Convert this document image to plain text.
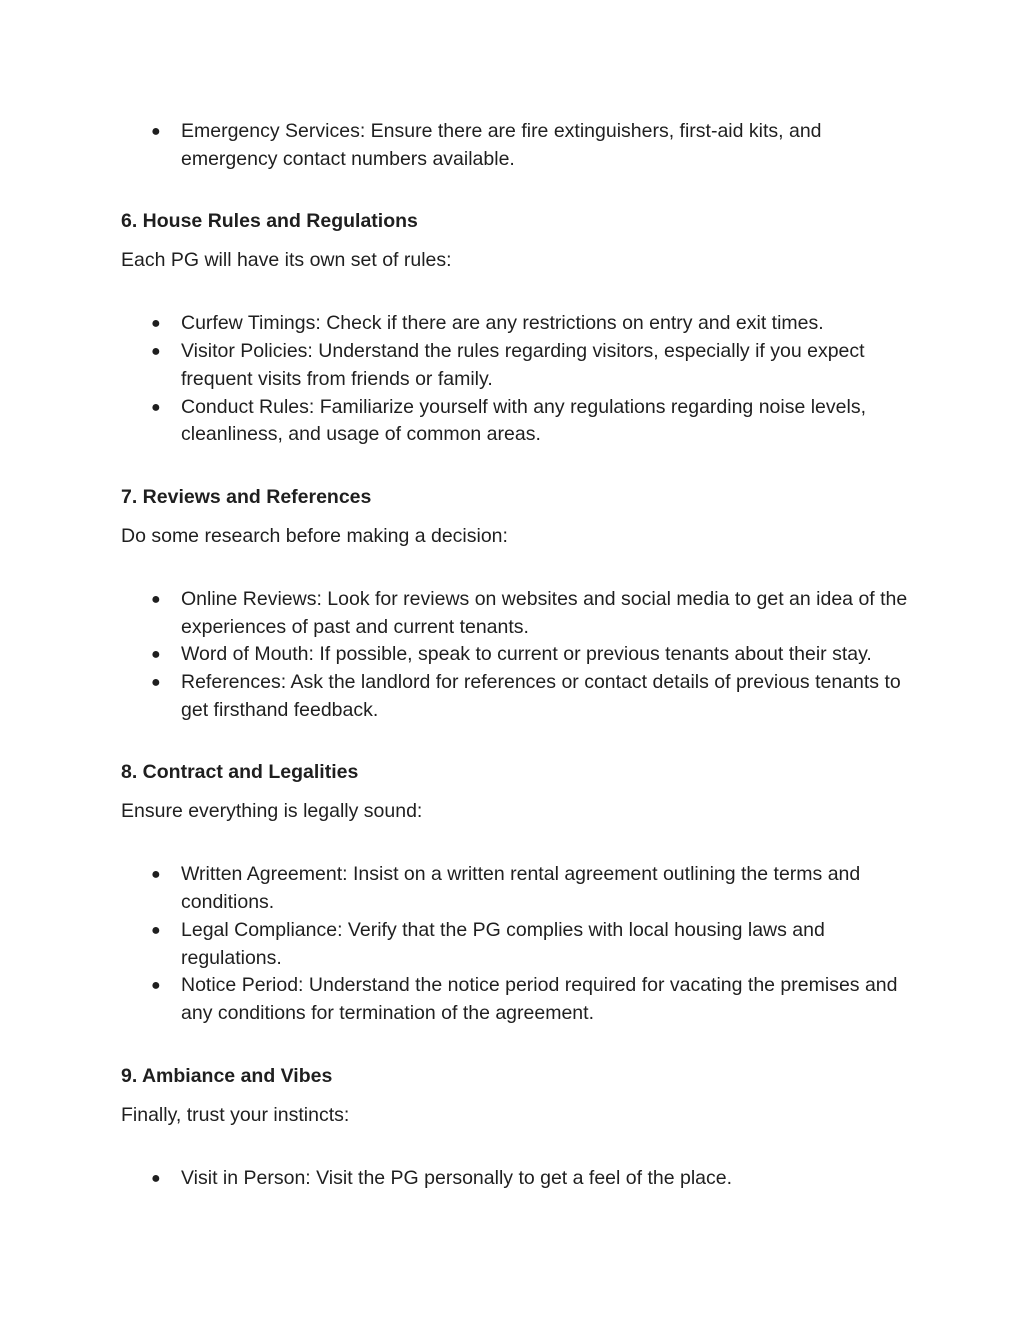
● Emergency Services: Ensure there are fire extinguishers, first-aid kits, and emergency contact numbers available.
6. House Rules and Regulations

Each PG will have its own set of rules:

● Curfew Timings: Check if there are any restrictions on entry and exit times.
● Visitor Policies: Understand the rules regarding visitors, especially if you expect frequent visits from friends or family.
● Conduct Rules: Familiarize yourself with any regulations regarding noise levels, cleanliness, and usage of common areas.
7. Reviews and References

Do some research before making a decision:

● Online Reviews: Look for reviews on websites and social media to get an idea of the experiences of past and current tenants.
● Word of Mouth: If possible, speak to current or previous tenants about their stay.
● References: Ask the landlord for references or contact details of previous tenants to get firsthand feedback.
8. Contract and Legalities

Ensure everything is legally sound:

● Written Agreement: Insist on a written rental agreement outlining the terms and conditions.
● Legal Compliance: Verify that the PG complies with local housing laws and regulations.
● Notice Period: Understand the notice period required for vacating the premises and any conditions for termination of the agreement.
9. Ambiance and Vibes

Finally, trust your instincts:

● Visit in Person: Visit the PG personally to get a feel of the place.
